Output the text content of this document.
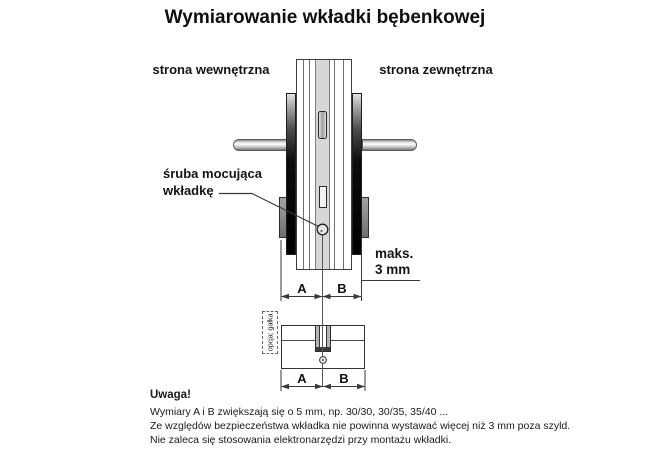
Wymiarowanie wkładki bębenkowej
opcja: gałka
strona wewnętrzna	strona zewnętrzna
śruba mocująca
wkładkę
maks.
3 mm
A B
A	B
Uwaga!
Wymiary A i B zwiększają się o 5 mm, np. 30/30, 30/35, 35/40 ...
Ze względów bezpieczeństwa wkładka nie powinna wystawać więcej niż 3 mm poza szyld.
Nie zaleca się stosowania elektronarzędzi przy montażu wkładki.
